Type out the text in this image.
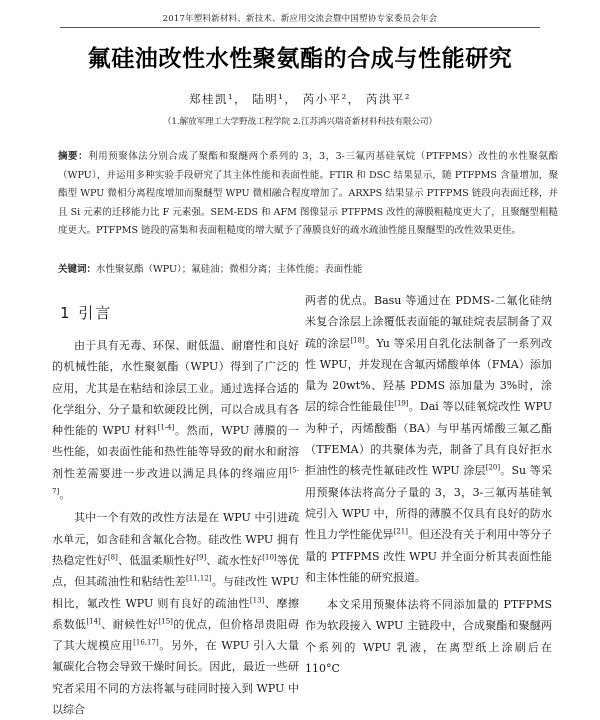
2017年塑料新材料、新技术、新应用交流会暨中国塑协专家委员会年会
氟硅油改性水性聚氨酯的合成与性能研究
郑桂凯¹， 陆明¹， 芮小平²， 芮洪平²
（1.解放军理工大学野战工程学院 2.江苏鸿兴瑞奇新材料科技有限公司）
摘要：利用预聚体法分别合成了聚酯和聚醚两个系列的 3，3，3-三氟丙基硅氧烷（PTFPMS）改性的水性聚氨酯（WPU），并运用多种实验手段研究了其主体性能和表面性能。FTIR 和 DSC 结果显示，随 PTFPMS 含量增加，聚酯型 WPU 微相分离程度增加而聚醚型 WPU 微相融合程度增加了。ARXPS 结果显示 PTFPMS 链段向表面迁移，并且 Si 元素的迁移能力比 F 元素强。SEM-EDS 和 AFM 图像显示 PTFPMS 改性的薄膜粗糙度更大了，且聚醚型粗糙度更大。PTFPMS 链段的富集和表面粗糙度的增大赋予了薄膜良好的疏水疏油性能且聚醚型的改性效果更佳。
关键词：水性聚氨酯（WPU）；氟硅油；微相分离；主体性能；表面性能
1 引言

由于具有无毒、环保、耐低温、耐磨性和良好的机械性能，水性聚氨酯（WPU）得到了广泛的应用，尤其是在粘结和涂层工业。通过选择合适的化学组分、分子量和软硬段比例，可以合成具有各种性能的 WPU 材料[1-4]。然而，WPU 薄膜的一些性能，如表面性能和热性能等导致的耐水和耐溶剂性差需要进一步改进以满足具体的终端应用[5-7]。

其中一个有效的改性方法是在 WPU 中引进疏水单元，如含硅和含氟化合物。硅改性 WPU 拥有热稳定性好[8]、低温柔顺性好[9]、疏水性好[10]等优点，但其疏油性和粘结性差[11,12]。与硅改性 WPU 相比，氟改性 WPU 则有良好的疏油性[13]、摩擦系数低[14]、耐候性好[15]的优点，但价格昂贵阻碍了其大规模应用[16,17]。另外，在 WPU 引入大量氟碳化合物会导致干燥时间长。因此，最近一些研究者采用不同的方法将氟与硅同时接入到 WPU 中以综合

两者的优点。Basu 等通过在 PDMS-二氟化硅纳米复合涂层上涂覆低表面能的氟硅烷表层制备了双疏的涂层[18]。Yu 等采用自乳化法制备了一系列改性 WPU，并发现在含氟丙烯酸单体（FMA）添加量为 20wt%、羟基 PDMS 添加量为 3%时，涂层的综合性能最佳[19]。Dai 等以硅氧烷改性 WPU 为种子，丙烯酸酯（BA）与甲基丙烯酸三氟乙酯（TFEMA）的共聚体为壳，制备了具有良好拒水拒油性的核壳性氟硅改性 WPU 涂层[20]。Su 等采用预聚体法将高分子量的 3，3，3-三氟丙基硅氧烷引入 WPU 中，所得的薄膜不仅具有良好的防水性且力学性能优异[21]。但还没有关于利用中等分子量的 PTFPMS 改性 WPU 并全面分析其表面性能和主体性能的研究报道。

本文采用预聚体法将不同添加量的 PTFPMS 作为软段接入 WPU 主链段中，合成聚酯和聚醚两个系列的 WPU 乳液，在离型纸上涂刷后在 110°C
